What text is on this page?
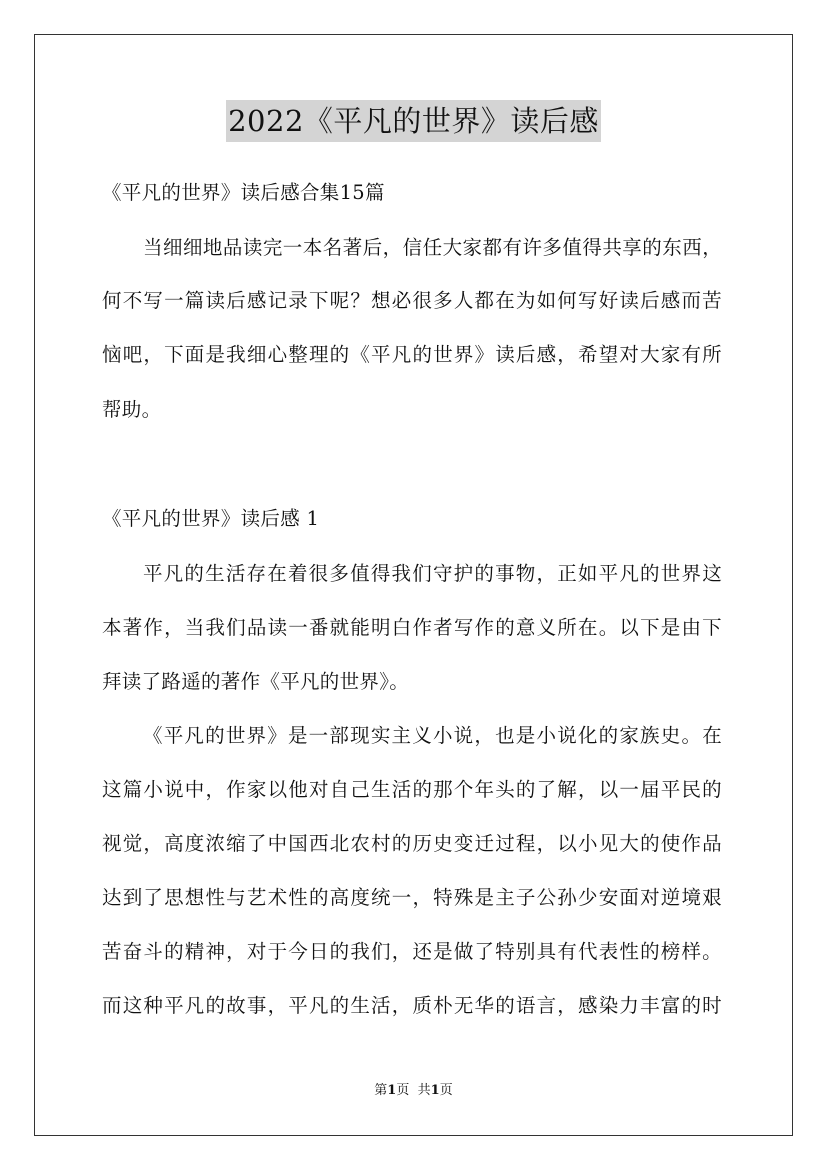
2022《平凡的世界》读后感
《平凡的世界》读后感合集15篇
当细细地品读完一本名著后，信任大家都有许多值得共享的东西，
何不写一篇读后感记录下呢？想必很多人都在为如何写好读后感而苦
恼吧，下面是我细心整理的《平凡的世界》读后感，希望对大家有所
帮助。
《平凡的世界》读后感 1
平凡的生活存在着很多值得我们守护的事物，正如平凡的世界这
本著作，当我们品读一番就能明白作者写作的意义所在。以下是由下
拜读了路遥的著作《平凡的世界》。
《平凡的世界》是一部现实主义小说，也是小说化的家族史。在
这篇小说中，作家以他对自己生活的那个年头的了解，以一届平民的
视觉，高度浓缩了中国西北农村的历史变迁过程，以小见大的使作品
达到了思想性与艺术性的高度统一，特殊是主子公孙少安面对逆境艰
苦奋斗的精神，对于今日的我们，还是做了特别具有代表性的榜样。
而这种平凡的故事，平凡的生活，质朴无华的语言，感染力丰富的时
第1页 共1页
